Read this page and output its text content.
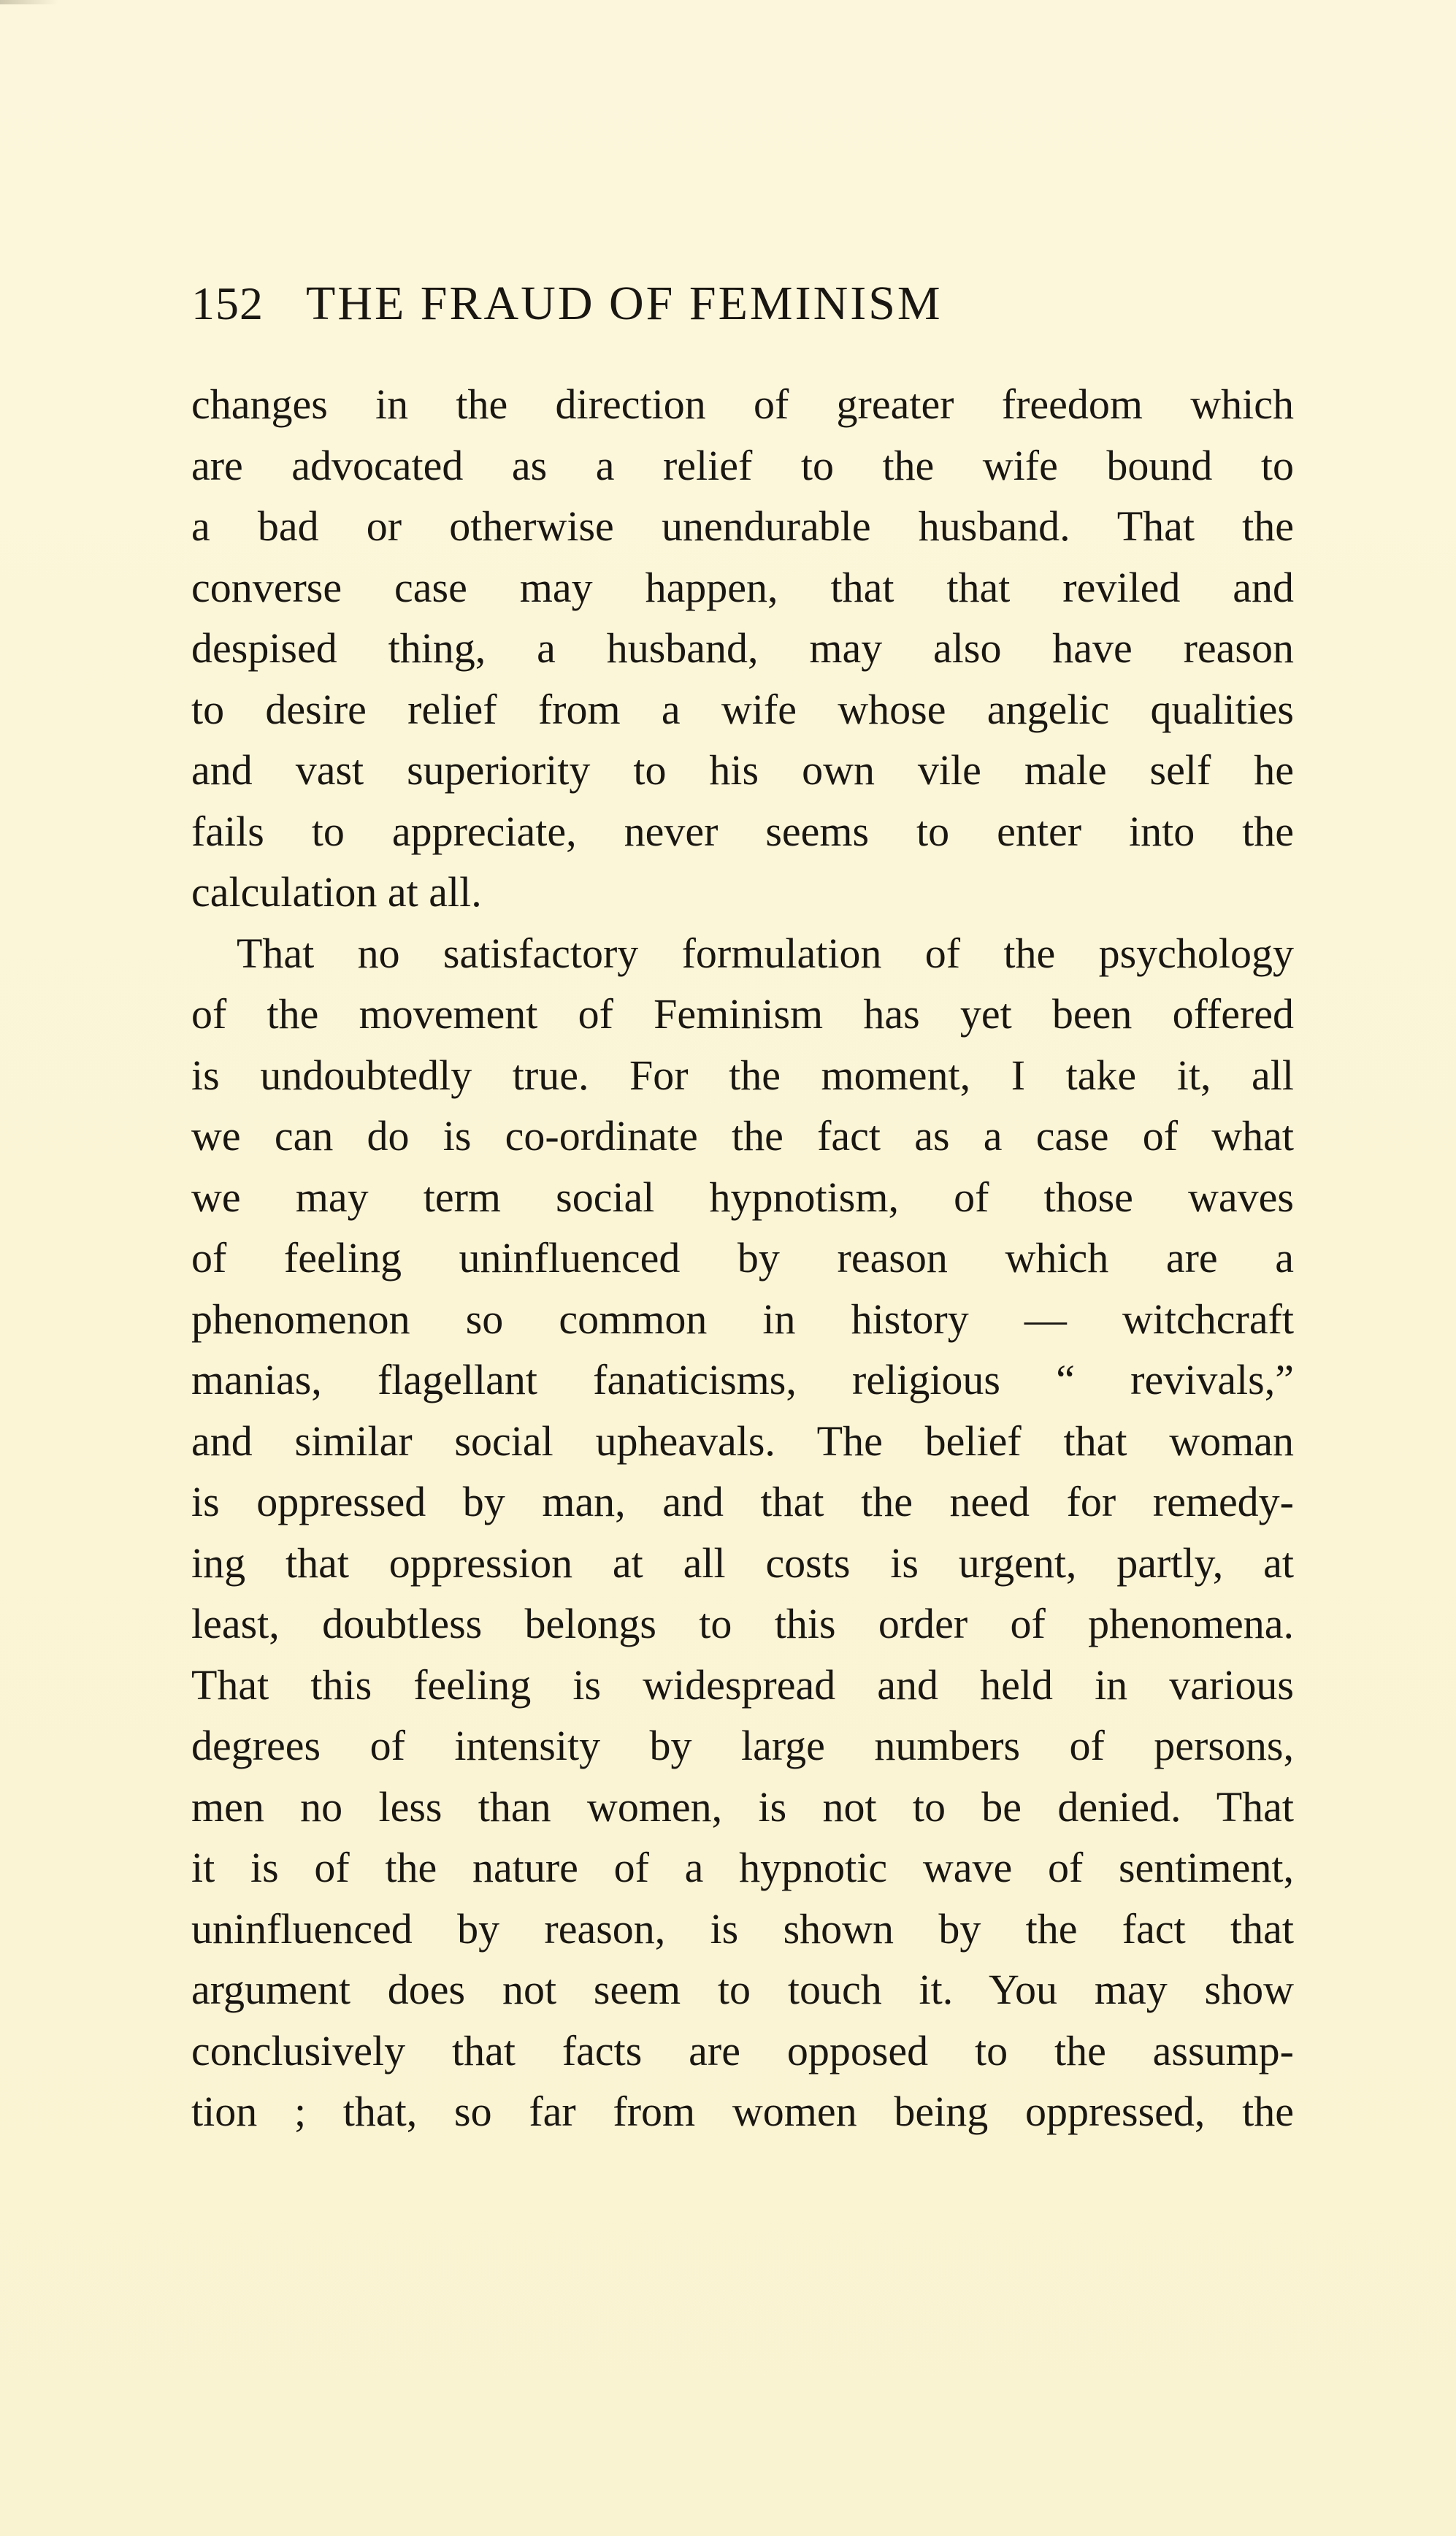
152 THE FRAUD OF FEMINISM
changes in the direction of greater freedom which
are advocated as a relief to the wife bound to
a bad or otherwise unendurable husband. That the
converse case may happen, that that reviled and
despised thing, a husband, may also have reason
to desire relief from a wife whose angelic qualities
and vast superiority to his own vile male self he
fails to appreciate, never seems to enter into the
calculation at all.
That no satisfactory formulation of the psychology
of the movement of Feminism has yet been offered
is undoubtedly true. For the moment, I take it, all
we can do is co-ordinate the fact as a case of what
we may term social hypnotism, of those waves
of feeling uninfluenced by reason which are a
phenomenon so common in history — witchcraft
manias, flagellant fanaticisms, religious “ revivals,”
and similar social upheavals. The belief that woman
is oppressed by man, and that the need for remedy-
ing that oppression at all costs is urgent, partly, at
least, doubtless belongs to this order of phenomena.
That this feeling is widespread and held in various
degrees of intensity by large numbers of persons,
men no less than women, is not to be denied. That
it is of the nature of a hypnotic wave of sentiment,
uninfluenced by reason, is shown by the fact that
argument does not seem to touch it. You may show
conclusively that facts are opposed to the assump-
tion ; that, so far from women being oppressed, the
